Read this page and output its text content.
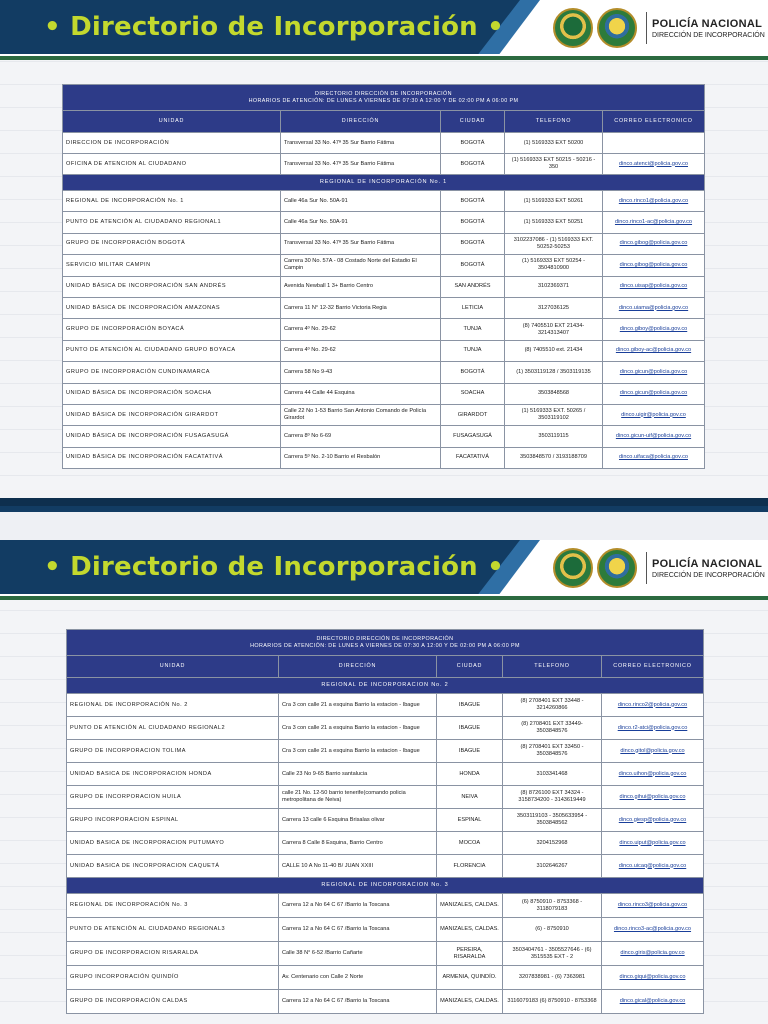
• Directorio de Incorporación •	POLICÍA NACIONAL
DIRECCIÓN DE INCORPORACIÓN
DIRECTORIO DIRECCIÓN DE INCORPORACIÓN
HORARIOS DE ATENCIÓN: DE LUNES A VIERNES DE 07:30 A 12:00 Y DE 02:00 PM A 06:00 PM				

UNIDAD	DIRECCIÓN	CIUDAD	TELEFONO	CORREO ELECTRONICO
DIRECCION DE INCORPORACIÓN	Transversal 33 No. 47ª 35 Sur Barrio Fátima	BOGOTÁ	(1) 5169333 EXT 50200	
OFICINA DE ATENCION AL CIUDADANO	Transversal 33 No. 47ª 35 Sur Barrio Fátima	BOGOTÁ	(1) 5169333 EXT 50215 - 50216 - 350	dinco.atenci@policia.gov.co
REGIONAL DE INCORPORACIÓN No. 1				
REGIONAL DE INCORPORACIÓN No. 1	Calle 46a Sur No. 50A-91	BOGOTÁ	(1) 5169333 EXT 50261	dinco.rinco1@policia.gov.co
PUNTO DE ATENCIÓN AL CIUDADANO REGIONAL1	Calle 46a Sur No. 50A-91	BOGOTÁ	(1) 5169333 EXT 50251	dinco.rinco1-ac@policia.gov.co
GRUPO DE INCORPORACIÓN BOGOTÁ	Transversal 33 No. 47ª 35 Sur Barrio Fátima	BOGOTÁ	3102237086 - (1) 5169333 EXT. 50252-50253	dinco.gibog@policia.gov.co
SERVICIO MILITAR CAMPIN	Carrera 30 No. 57A - 08 Costado Norte del Estadio El Campin	BOGOTÁ	(1) 5169333 EXT 50254 - 3504810900	dinco.gibog@policia.gov.co
UNIDAD BÁSICA DE INCORPORACIÓN SAN ANDRÉS	Avenida Newball 1 3+ Barrio Centro	SAN ANDRÉS	3102369371	dinco.uisap@policia.gov.co
UNIDAD BÁSICA DE INCORPORACIÓN AMAZONAS	Carrera 11 N° 12-32 Barrio Victoria Regia	LETICIA	3127036125	dinco.uiama@policia.gov.co
GRUPO DE INCORPORACIÓN BOYACÁ	Carrera 4º No. 29-62	TUNJA	(8) 7405510 EXT 21434- 3214313407	dinco.giboy@policia.gov.co
PUNTO DE ATENCIÓN AL CIUDADANO GRUPO BOYACA	Carrera 4º No. 29-62	TUNJA	(8) 7405510 ext. 21434	dinco.giboy-ac@policia.gov.co
GRUPO DE INCORPORACIÓN CUNDINAMARCA	Carrera 58 No 9-43	BOGOTÁ	(1) 3503119128 / 3503119135	dinco.gicun@policia.gov.co
UNIDAD BÁSICA DE INCORPORACIÓN SOACHA	Carrera 44 Calle 44 Esquina	SOACHA	3503848568	dinco.gicun@policia.gov.co
UNIDAD BÁSICA DE INCORPORACIÓN GIRARDOT	Calle 22 No 1-53 Barrio San Antonio Comando de Policía Girardot	GIRARDOT	(1) 5169333 EXT. 50265 / 3503119102	dinco.uigir@policia.gov.co
UNIDAD BÁSICA DE INCORPORACIÓN FUSAGASUGÁ	Carrera 8º No 6-69	FUSAGASUGÁ	3503119115	dinco.gicun-uif@policia.gov.co
UNIDAD BÁSICA DE INCORPORACIÓN FACATATIVÁ	Carrera 5º No. 2-10 Barrio el Resbalón	FACATATIVÁ	3503848570 / 3193188709	dinco.uifaca@policia.gov.co
• Directorio de Incorporación •	POLICÍA NACIONAL
DIRECCIÓN DE INCORPORACIÓN
DIRECTORIO DIRECCIÓN DE INCORPORACIÓN
HORARIOS DE ATENCIÓN: DE LUNES A VIERNES DE 07:30 A 12:00 Y DE 02:00 PM A 06:00 PM				

UNIDAD	DIRECCIÓN	CIUDAD	TELEFONO	CORREO ELECTRONICO
REGIONAL DE INCORPORACION No. 2				
REGIONAL DE INCORPORACIÓN No. 2	Cra 3 con calle 21 a esquina Barrio la estacion - Ibague	IBAGUE	(8) 2708401 EXT 33448 - 3214260866	dinco.rinco2@policia.gov.co
PUNTO DE ATENCIÓN AL CIUDADANO REGIONAL2	Cra 3 con calle 21 a esquina Barrio la estacion - Ibague	IBAGUE	(8) 2708401 EXT 33449- 3503848576	dinco.r2-atci@policia.gov.co
GRUPO DE INCORPORACION TOLIMA	Cra 3 con calle 21 a esquina Barrio la estacion - Ibague	IBAGUE	(8) 2708401 EXT 33450 - 3503848576	dinco.gitol@policia.gov.co
UNIDAD BASICA DE INCORPORACION HONDA	Calle 23 No 9-65 Barrio santalucia	HONDA	3103341468	dinco.uihon@policia.gov.co
GRUPO DE INCORPORACION HUILA	calle 21 No. 12-50 barrio tenerife(comando policia metropolitana de Neiva)	NEIVA	(8) 8726100 EXT 34324 - 3158734200 - 3143619449	dinco.gihui@policia.gov.co
GRUPO INCORPORACION ESPINAL	Carrera 13 calle 6 Esquina Brisalas olivar	ESPINAL	3503119103 - 3505633954 - 3503848562	dinco.giesp@policia.gov.co
UNIDAD BASICA DE INCORPORACION PUTUMAYO	Carrera 8 Calle 8 Esquina, Barrio Centro	MOCOA	3204152968	dinco.uiput@policia.gov.co
UNIDAD BASICA DE INCORPORACION CAQUETÁ	CALLE 10 A No 11-40 B/ JUAN XXIII	FLORENCIA	3102646267	dinco.uicaq@policia.gov.co
REGIONAL DE INCORPORACION No. 3				
REGIONAL DE INCORPORACIÓN No. 3	Carrera 12 a No 64 C 67 /Barrio la Toscana	MANIZALES, CALDAS.	(6) 8750910 - 8753368 - 3118079183	dinco.rinco3@policia.gov.co
PUNTO DE ATENCIÓN AL CIUDADANO REGIONAL3	Carrera 12 a No 64 C 67 /Barrio la Toscana	MANIZALES, CALDAS.	(6) - 8750910	dinco.rinco3-ac@policia.gov.co
GRUPO DE INCORPORACION RISARALDA	Calle 38 N° 6-52 /Barrio Cañarte	PEREIRA, RISARALDA	3503404761 - 3505527646 - (6) 3515535 EXT - 2	dinco.giris@policia.gov.co
GRUPO INCORPORACIÓN QUINDÍO	Av. Centenario con Calle 2 Norte	ARMENIA, QUINDÍO.	3207838981 - (6) 7363981	dinco.giqui@policia.gov.co
GRUPO DE INCORPORACIÓN CALDAS	Carrera 12 a No 64 C 67 /Barrio la Toscana	MANIZALES, CALDAS.	3116079183 (6) 8750910 - 8753368	dinco.gical@policia.gov.co
